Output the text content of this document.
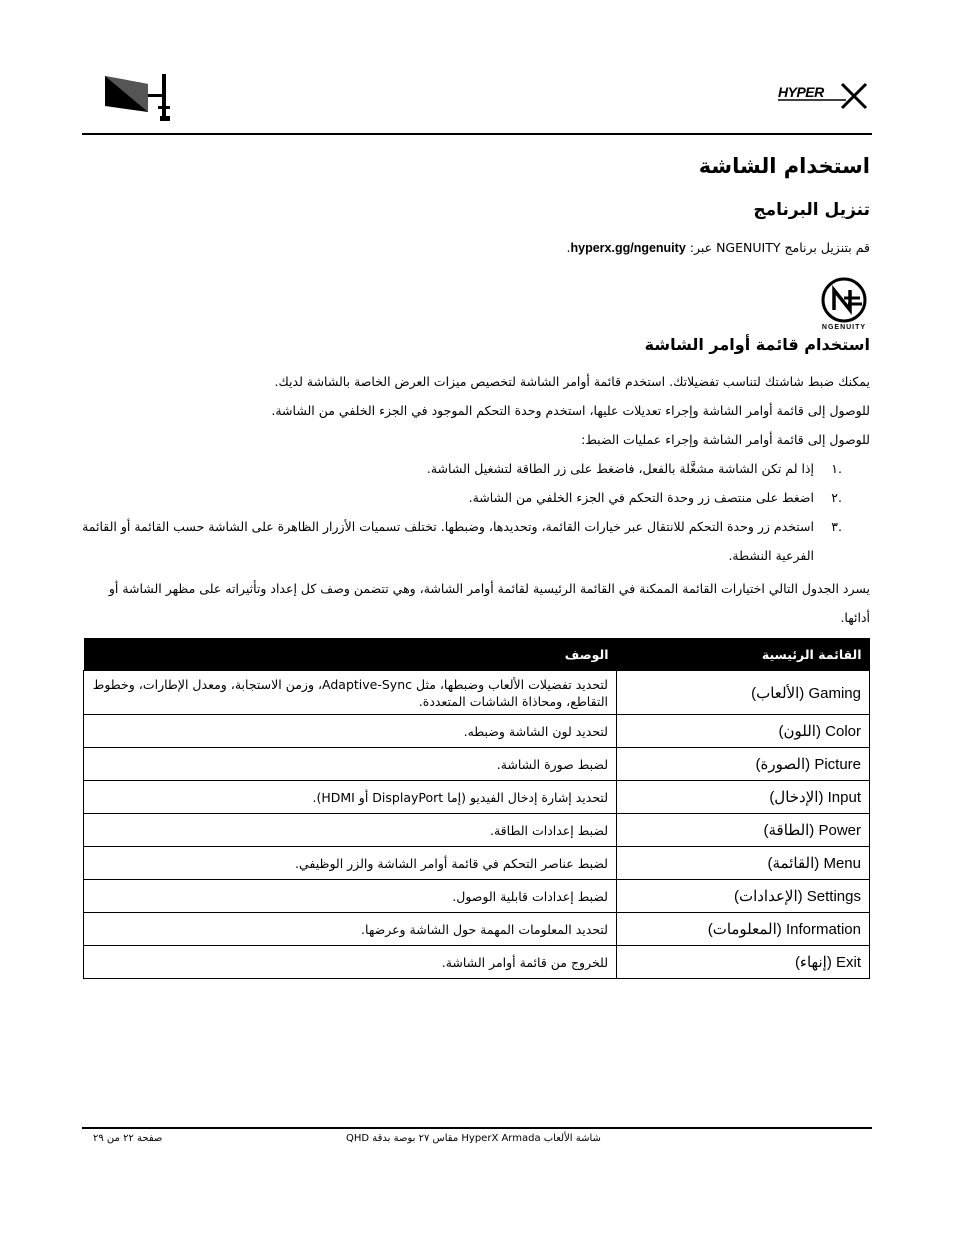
HYPER
استخدام الشاشة
تنزيل البرنامج
قم بتنزيل برنامج NGENUITY عبر: hyperx.gg/ngenuity.
NGENUITY
استخدام قائمة أوامر الشاشة
يمكنك ضبط شاشتك لتناسب تفضيلاتك. استخدم قائمة أوامر الشاشة لتخصيص ميزات العرض الخاصة بالشاشة لديك.
للوصول إلى قائمة أوامر الشاشة وإجراء تعديلات عليها، استخدم وحدة التحكم الموجود في الجزء الخلفي من الشاشة.
للوصول إلى قائمة أوامر الشاشة وإجراء عمليات الضبط:
.١
إذا لم تكن الشاشة مشغَّلة بالفعل، فاضغط على زر الطاقة لتشغيل الشاشة.
.٢
اضغط على منتصف زر وحدة التحكم في الجزء الخلفي من الشاشة.
.٣
استخدم زر وحدة التحكم للانتقال عبر خيارات القائمة، وتحديدها، وضبطها. تختلف تسميات الأزرار الظاهرة على الشاشة حسب القائمة أو القائمة الفرعية النشطة.
يسرد الجدول التالي اختيارات القائمة الممكنة في القائمة الرئيسية لقائمة أوامر الشاشة، وهي تتضمن وصف كل إعداد وتأثيراته على مظهر الشاشة أو أدائها.
القائمة الرئيسية	الوصف
Gaming (الألعاب)	لتحديد تفضيلات الألعاب وضبطها، مثل Adaptive-Sync، وزمن الاستجابة، ومعدل الإطارات، وخطوط التقاطع، ومحاذاة الشاشات المتعددة.
Color (اللون)	لتحديد لون الشاشة وضبطه.
Picture (الصورة)	لضبط صورة الشاشة.
Input (الإدخال)	لتحديد إشارة إدخال الفيديو (إما DisplayPort أو HDMI).
Power (الطاقة)	لضبط إعدادات الطاقة.
Menu (القائمة)	لضبط عناصر التحكم في قائمة أوامر الشاشة والزر الوظيفي.
Settings (الإعدادات)	لضبط إعدادات قابلية الوصول.
Information (المعلومات)	لتحديد المعلومات المهمة حول الشاشة وعرضها.
Exit (إنهاء)	للخروج من قائمة أوامر الشاشة.
صفحة ٢٢ من ٢٩	شاشة الألعاب HyperX Armada مقاس ٢٧ بوصة بدقة QHD
